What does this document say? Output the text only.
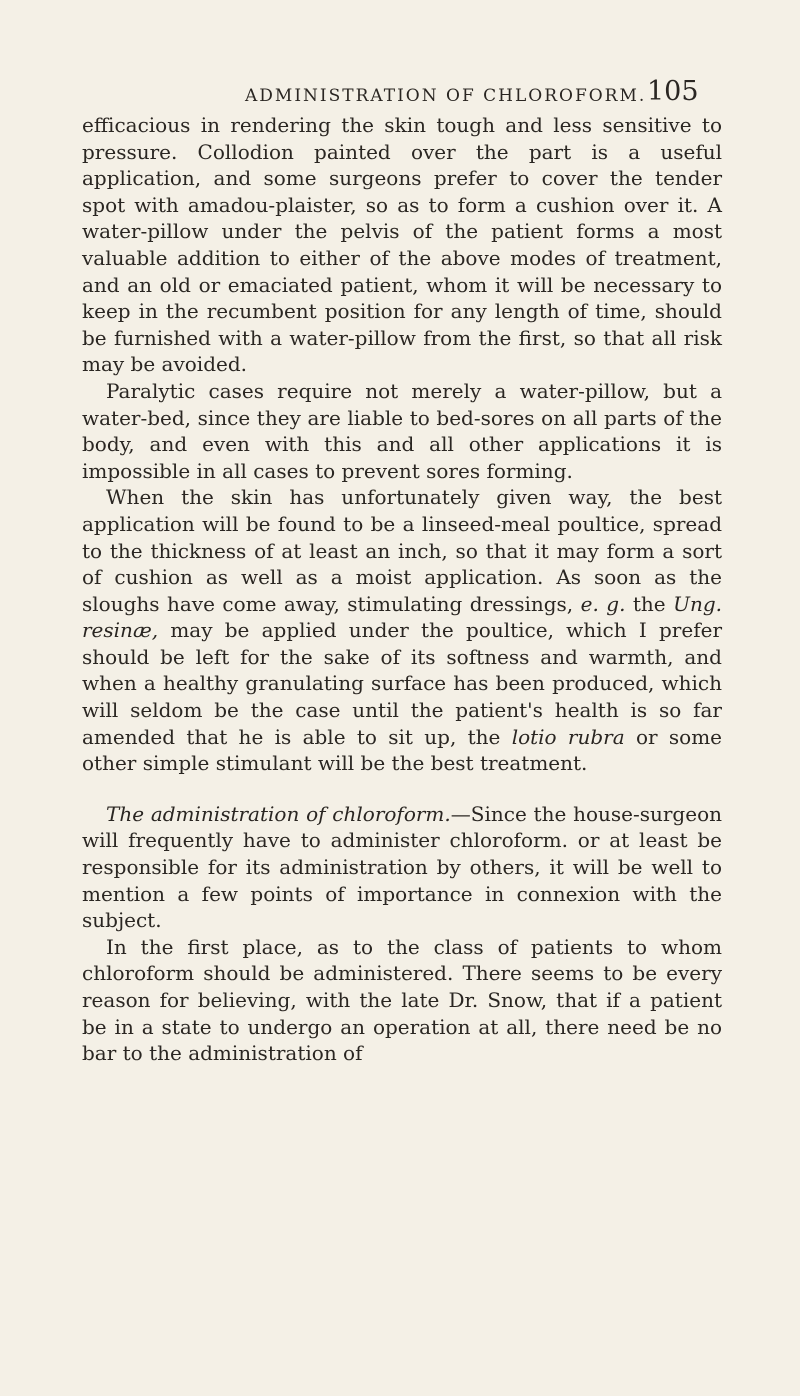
ADMINISTRATION OF CHLOROFORM. 105

efficacious in rendering the skin tough and less sensitive to pressure. Collodion painted over the part is a useful application, and some surgeons prefer to cover the tender spot with amadou-plaister, so as to form a cushion over it. A water-pillow under the pelvis of the patient forms a most valuable addition to either of the above modes of treatment, and an old or emaciated patient, whom it will be necessary to keep in the recumbent position for any length of time, should be furnished with a water-pillow from the first, so that all risk may be avoided.

Paralytic cases require not merely a water-pillow, but a water-bed, since they are liable to bed-sores on all parts of the body, and even with this and all other applications it is impossible in all cases to prevent sores forming.

When the skin has unfortunately given way, the best application will be found to be a linseed-meal poultice, spread to the thickness of at least an inch, so that it may form a sort of cushion as well as a moist application. As soon as the sloughs have come away, stimulating dressings, e. g. the Ung. resinæ, may be applied under the poultice, which I prefer should be left for the sake of its softness and warmth, and when a healthy granulating surface has been produced, which will seldom be the case until the patient's health is so far amended that he is able to sit up, the lotio rubra or some other simple stimulant will be the best treatment.

The administration of chloroform.—Since the house-surgeon will frequently have to administer chloroform. or at least be responsible for its administration by others, it will be well to mention a few points of importance in connexion with the subject.

In the first place, as to the class of patients to whom chloroform should be administered. There seems to be every reason for believing, with the late Dr. Snow, that if a patient be in a state to undergo an operation at all, there need be no bar to the administration of
